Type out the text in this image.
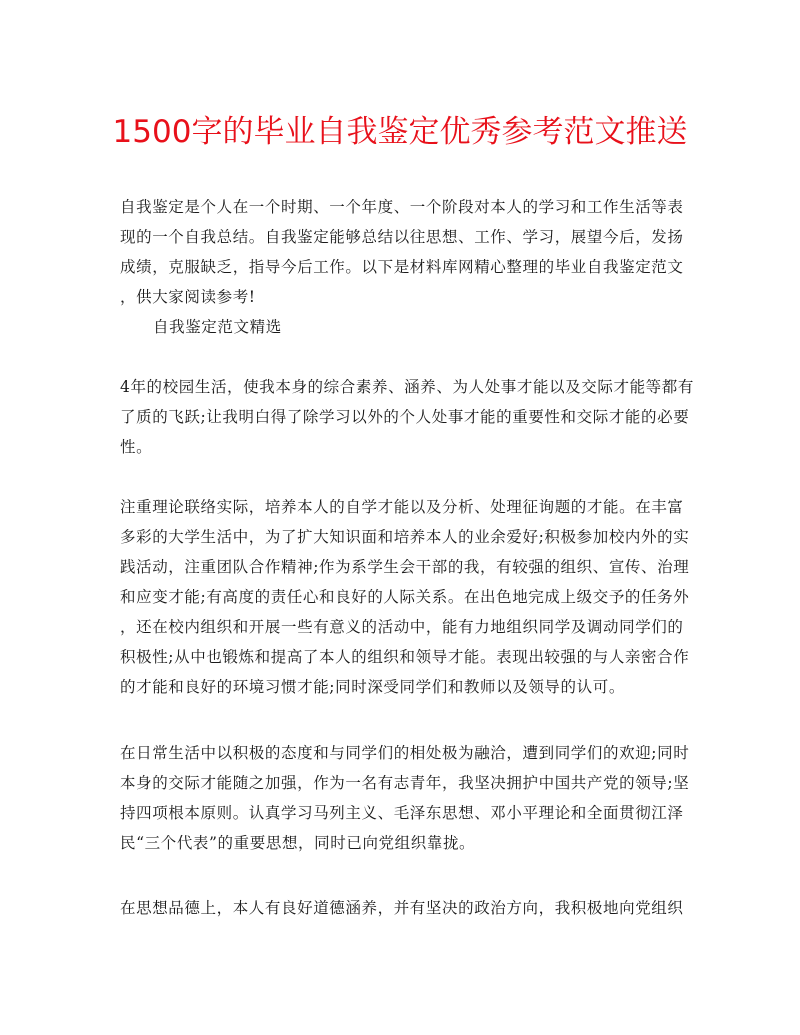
1500字的毕业自我鉴定优秀参考范文推送
自我鉴定是个人在一个时期、一个年度、一个阶段对本人的学习和工作生活等表
现的一个自我总结。自我鉴定能够总结以往思想、工作、学习，展望今后，发扬
成绩，克服缺乏，指导今后工作。以下是材料库网精心整理的毕业自我鉴定范文
，供大家阅读参考!
自我鉴定范文精选
4年的校园生活，使我本身的综合素养、涵养、为人处事才能以及交际才能等都有
了质的飞跃;让我明白得了除学习以外的个人处事才能的重要性和交际才能的必要
性。
注重理论联络实际，培养本人的自学才能以及分析、处理征询题的才能。在丰富
多彩的大学生活中，为了扩大知识面和培养本人的业余爱好;积极参加校内外的实
践活动，注重团队合作精神;作为系学生会干部的我，有较强的组织、宣传、治理
和应变才能;有高度的责任心和良好的人际关系。在出色地完成上级交予的任务外
，还在校内组织和开展一些有意义的活动中，能有力地组织同学及调动同学们的
积极性;从中也锻炼和提高了本人的组织和领导才能。表现出较强的与人亲密合作
的才能和良好的环境习惯才能;同时深受同学们和教师以及领导的认可。
在日常生活中以积极的态度和与同学们的相处极为融洽，遭到同学们的欢迎;同时
本身的交际才能随之加强，作为一名有志青年，我坚决拥护中国共产党的领导;坚
持四项根本原则。认真学习马列主义、毛泽东思想、邓小平理论和全面贯彻江泽
民“三个代表”的重要思想，同时已向党组织靠拢。
在思想品德上，本人有良好道德涵养，并有坚决的政治方向，我积极地向党组织
